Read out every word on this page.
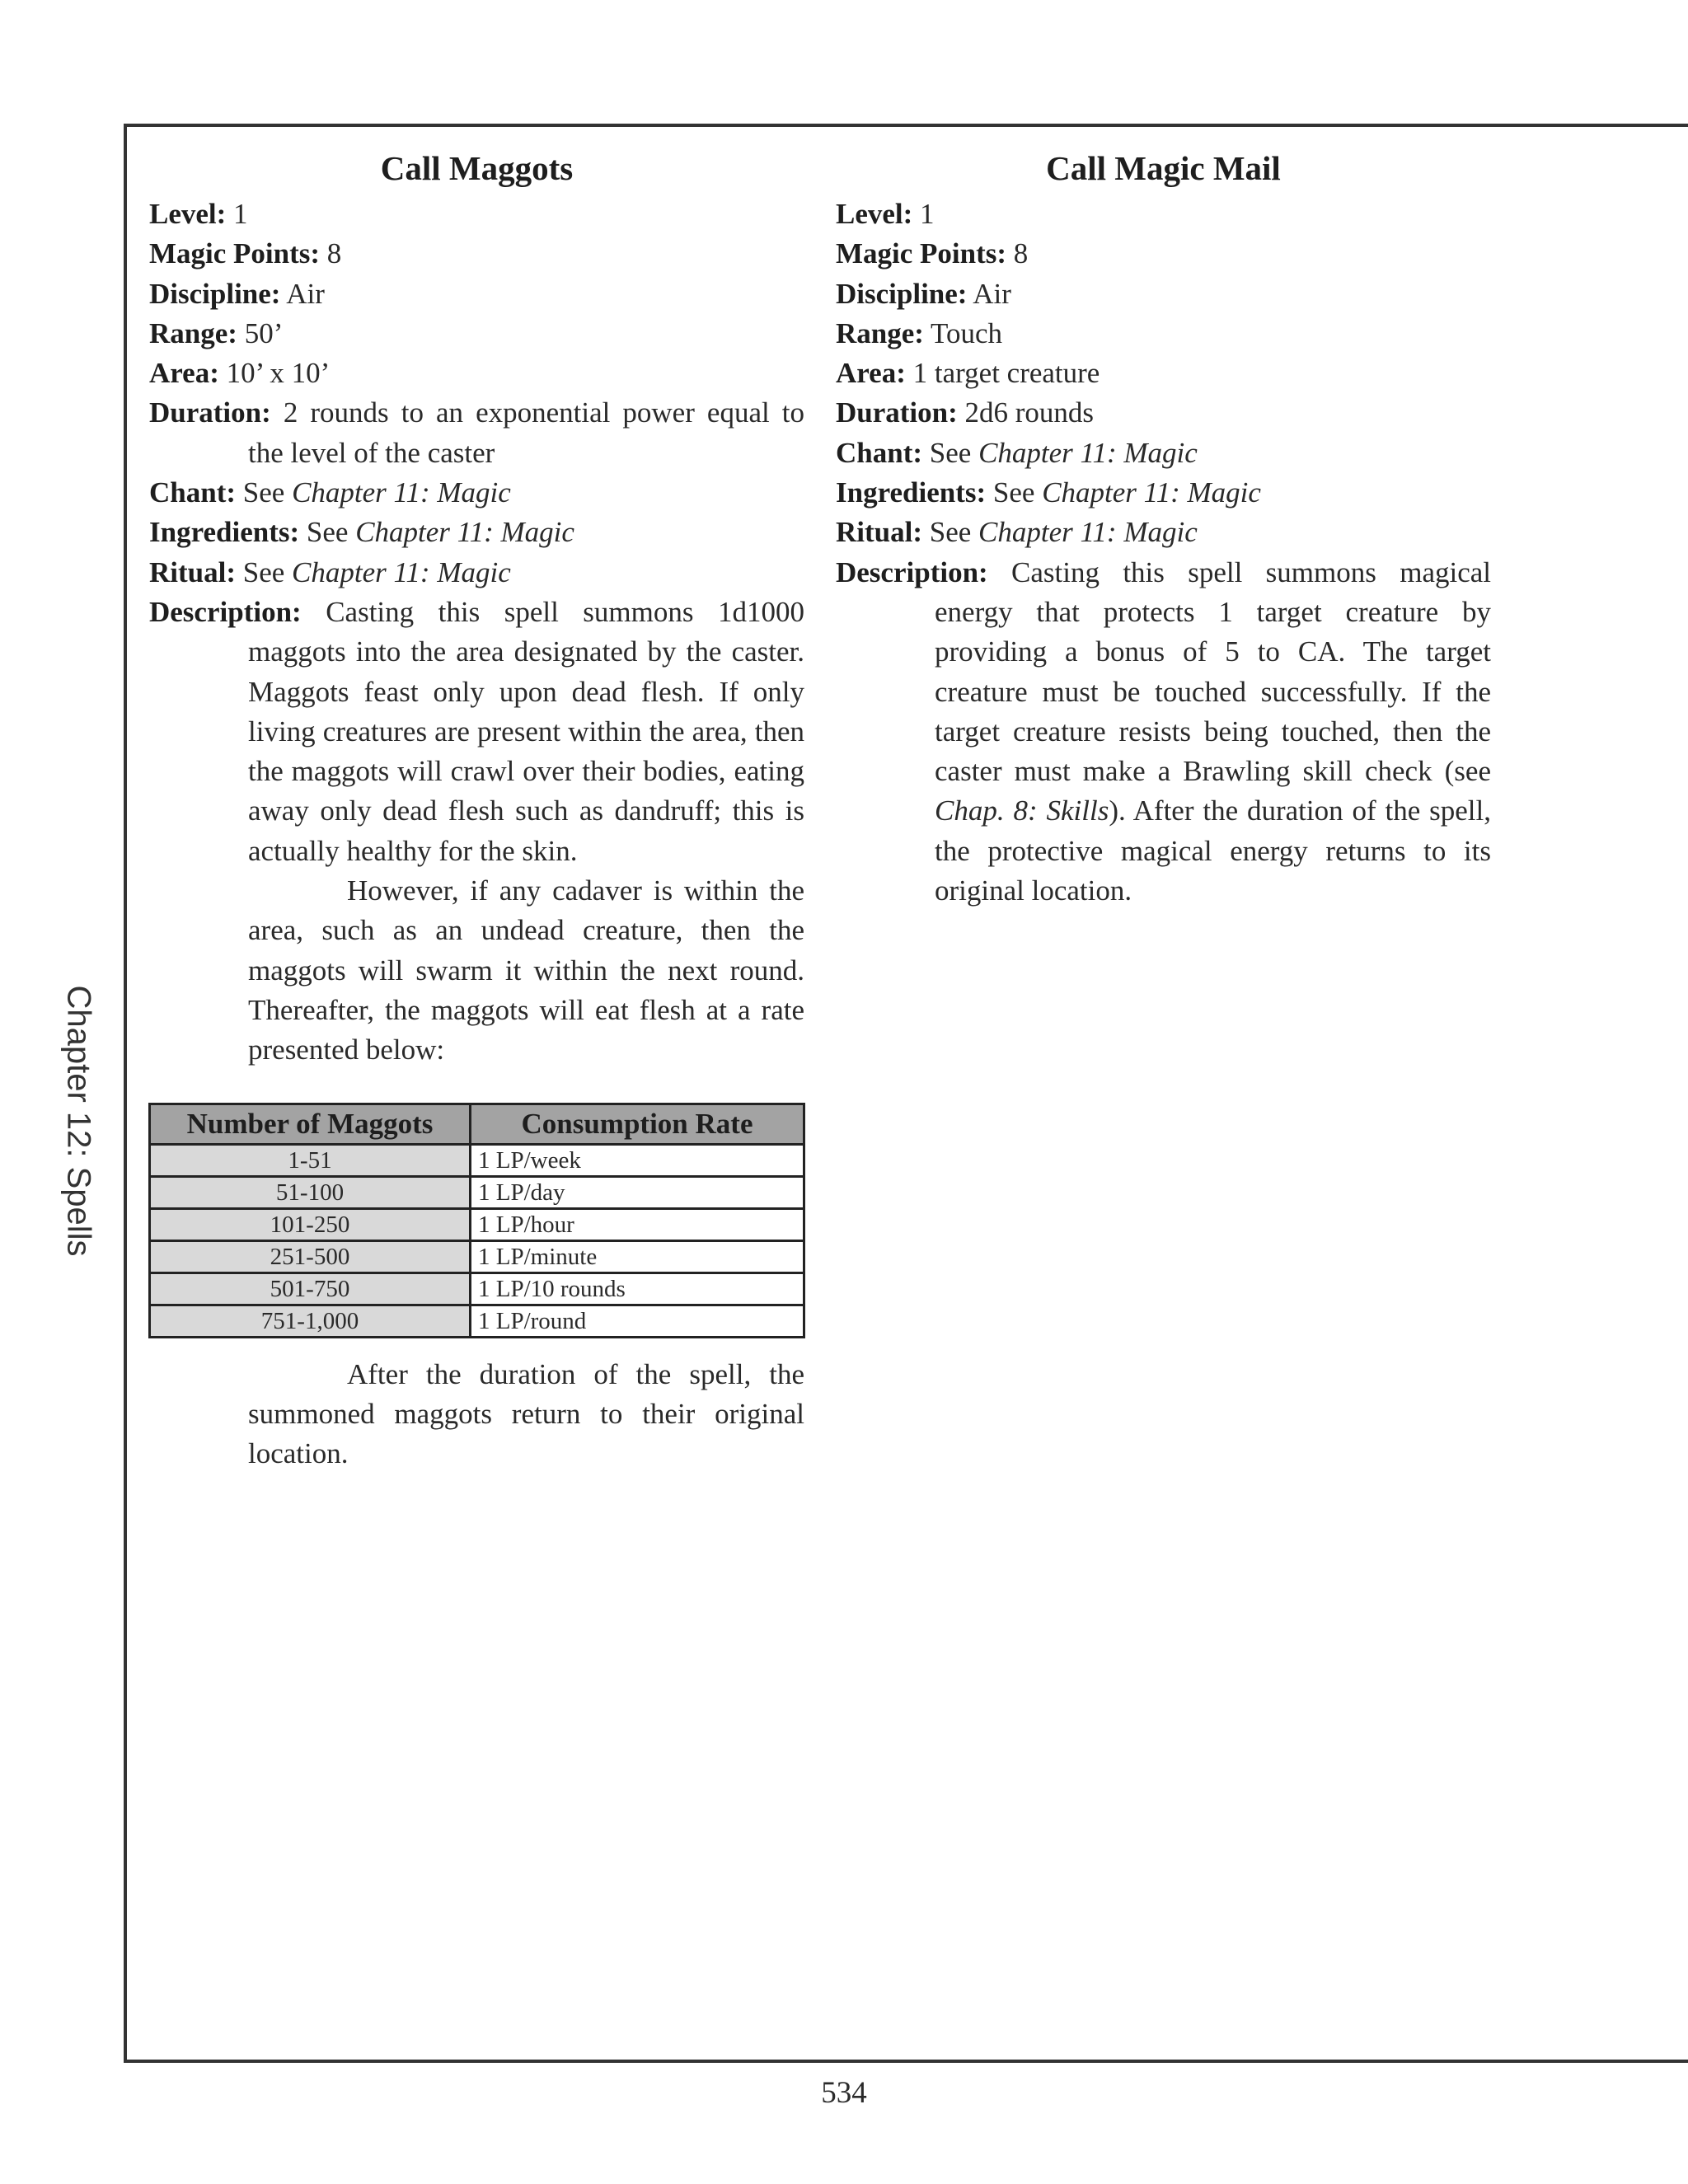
Chapter 12: Spells
Call Maggots

Level: 1

Magic Points: 8

Discipline: Air

Range: 50’

Area: 10’ x 10’

Duration: 2 rounds to an exponential power equal to the level of the caster

Chant: See Chapter 11: Magic

Ingredients: See Chapter 11: Magic

Ritual: See Chapter 11: Magic

Description: Casting this spell summons 1d1000 maggots into the area designated by the caster. Maggots feast only upon dead flesh. If only living creatures are present within the area, then the maggots will crawl over their bodies, eating away only dead flesh such as dandruff; this is actually healthy for the skin.

However, if any cadaver is within the area, such as an undead creature, then the maggots will swarm it within the next round. Thereafter, the maggots will eat flesh at a rate presented below:

Number of Maggots	Consumption Rate
1-51	1 LP/week
51-100	1 LP/day
101-250	1 LP/hour
251-500	1 LP/minute
501-750	1 LP/10 rounds
751-1,000	1 LP/round

After the duration of the spell, the summoned maggots return to their original location.

Call Magic Mail

Level: 1

Magic Points: 8

Discipline: Air

Range: Touch

Area: 1 target creature

Duration: 2d6 rounds

Chant: See Chapter 11: Magic

Ingredients: See Chapter 11: Magic

Ritual: See Chapter 11: Magic

Description: Casting this spell summons magical energy that protects 1 target creature by providing a bonus of 5 to CA. The target creature must be touched successfully. If the target creature resists being touched, then the caster must make a Brawling skill check (see Chap. 8: Skills). After the duration of the spell, the protective magical energy returns to its original location.

534
